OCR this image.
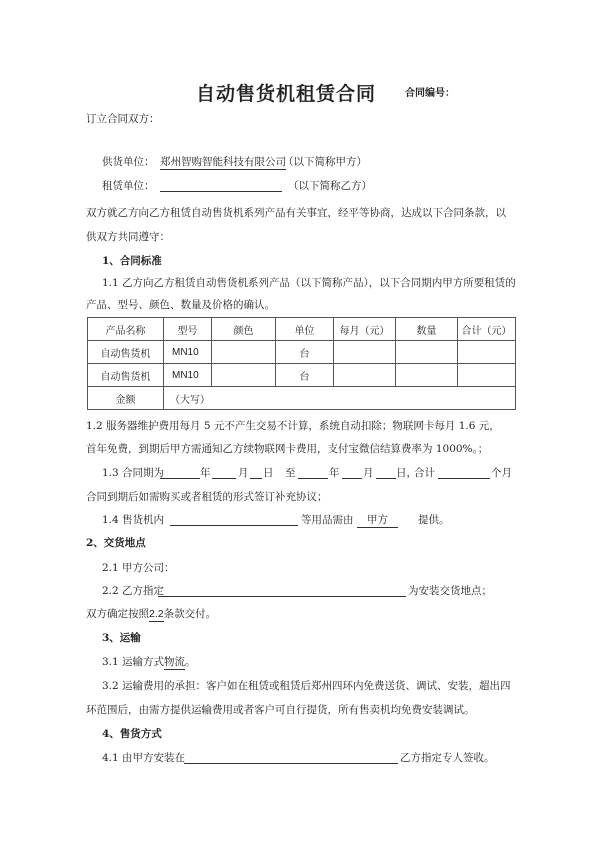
自动售货机租赁合同	合同编号：
订立合同双方：
供货单位： 郑州智购智能科技有限公司
（以下简称甲方）
租赁单位：	（以下简称乙方）
双方就乙方向乙方租赁自动售货机系列产品有关事宜，经平等协商，达成以下合同条款，以
供双方共同遵守：
1、合同标准
1.1 乙方向乙方租赁自动售货机系列产品（以下简称产品），以下合同期内甲方所要租赁的
产品、型号、颜色、数量及价格的确认。
产品名称	型号	颜色	单位	每月（元）	数量	合计（元）
自动售货机	MN10		台			
自动售货机	MN10		台			
金额	（大写）					
1.2 服务器维护费用每月 5 元不产生交易不计算，系统自动扣除；物联网卡每月 1.6 元，
首年免费，到期后甲方需通知乙方续物联网卡费用，支付宝微信结算费率为 1000%。；
1.3 合同期为	年	月 日 至	年 月 日，
合计	个月
合同到期后如需购买或者租赁的形式签订补充协议；
1.4 售货机内	等用品需由	甲方	提供。
2、交货地点
2.1 甲方公司：
2.2 乙方指定	为安装交货地点；
双方确定按照2.2条款交付。
3、运输
3.1 运输方式物流。
3.2 运输费用的承担：客户如在租赁或租赁后郑州四环内免费送货、调试、安装，超出四
环范围后，由需方提供运输费用或者客户可自行提货，所有售卖机均免费安装调试。
4、售货方式
4.1 由甲方安装在	乙方指定专人签收。
